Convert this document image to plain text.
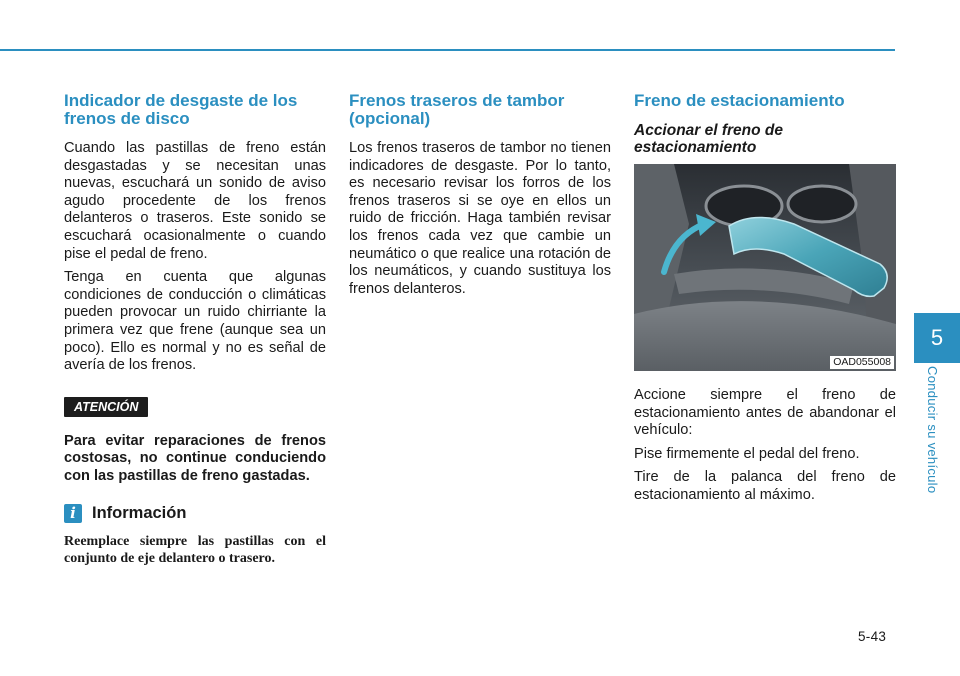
Indicador de desgaste de los frenos de disco

Cuando las pastillas de freno están desgastadas y se necesitan unas nuevas, escuchará un sonido de aviso agudo procedente de los frenos delanteros o traseros. Este sonido se escuchará ocasionalmente o cuando pise el pedal de freno.

Tenga en cuenta que algunas condiciones de conducción o climáticas pueden provocar un ruido chirriante la primera vez que frene (aunque sea un poco). Ello es normal y no es señal de avería de los frenos.

ATENCIÓN

Para evitar reparaciones de frenos costosas, no continue conduciendo con las pastillas de freno gastadas.

i Información

Reemplace siempre las pastillas con el conjunto de eje delantero o trasero.

Frenos traseros de tambor (opcional)

Los frenos traseros de tambor no tienen indicadores de desgaste. Por lo tanto, es necesario revisar los forros de los frenos traseros si se oye en ellos un ruido de fricción. Haga también revisar los frenos cada vez que cambie un neumático o que realice una rotación de los neumáticos, y cuando sustituya los frenos delanteros.

Freno de estacionamiento
Accionar el freno de estacionamiento
OAD055008

Accione siempre el freno de estacionamiento antes de abandonar el vehículo:

Pise firmemente el pedal del freno.

Tire de la palanca del freno de estacionamiento al máximo.

5
Conducir su vehículo
5-43
